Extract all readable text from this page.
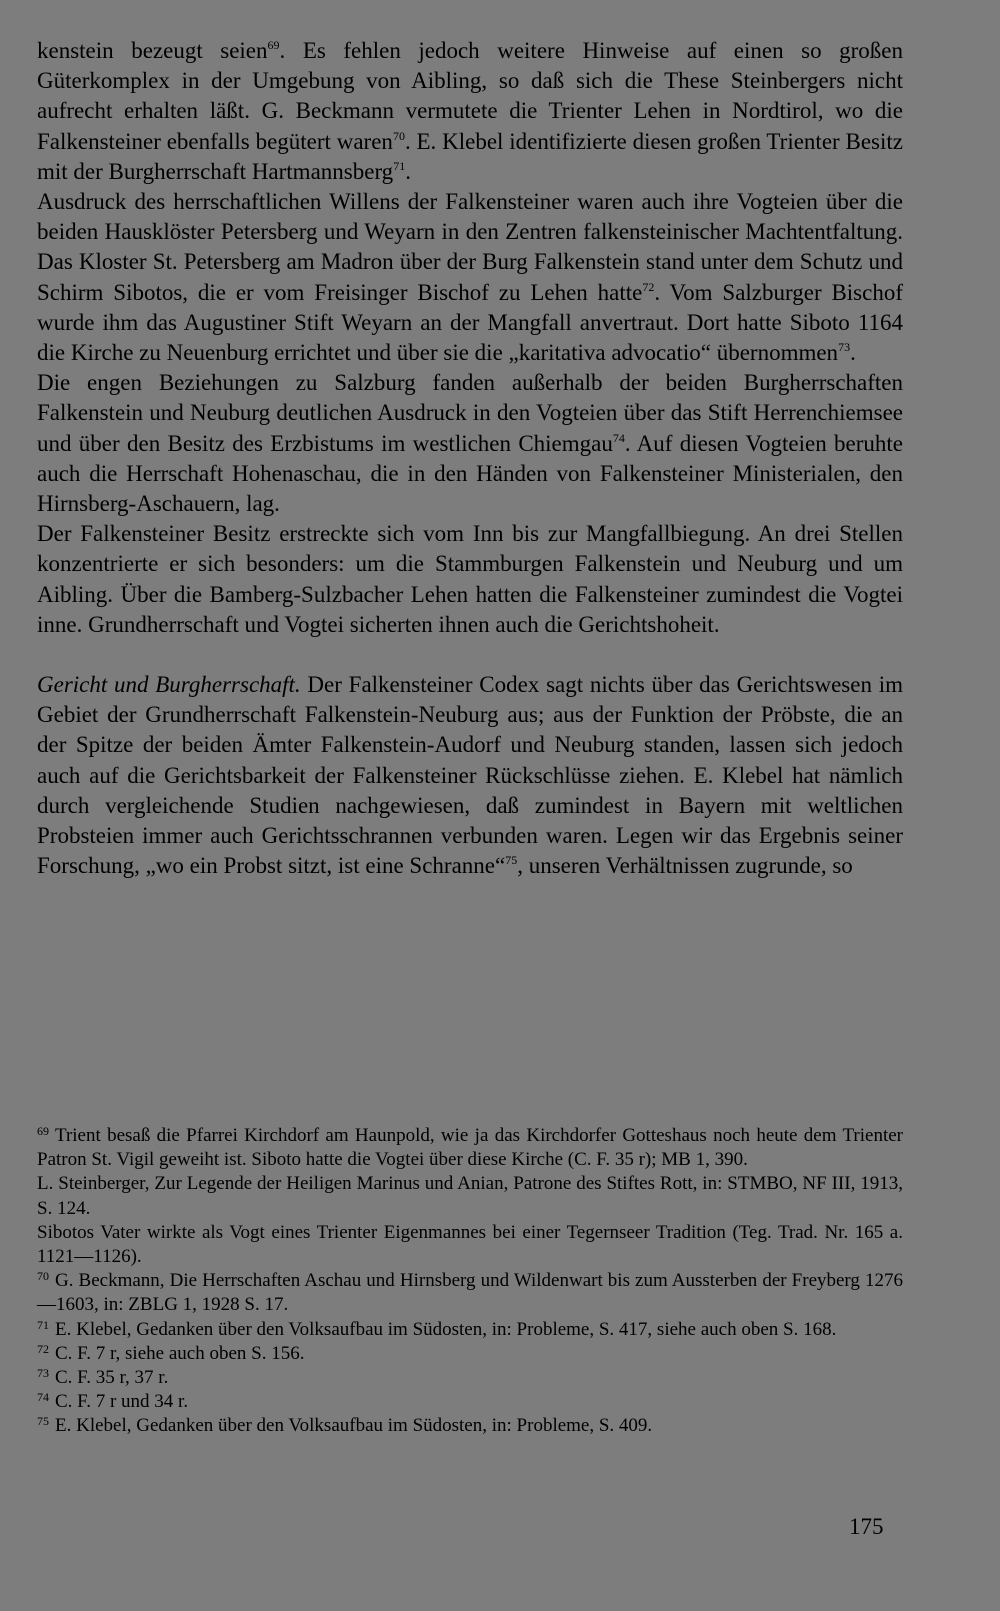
kenstein bezeugt seien$^{69}$. Es fehlen jedoch weitere Hinweise auf einen so großen Güterkomplex in der Umgebung von Aibling, so daß sich die These Steinbergers nicht aufrecht erhalten läßt. G. Beckmann vermutete die Trienter Lehen in Nordtirol, wo die Falkensteiner ebenfalls begütert waren$^{70}$. E. Klebel identifizierte diesen großen Trienter Besitz mit der Burgherrschaft Hartmannsberg$^{71}$.

Ausdruck des herrschaftlichen Willens der Falkensteiner waren auch ihre Vogteien über die beiden Hausklöster Petersberg und Weyarn in den Zentren falkensteinischer Machtentfaltung. Das Kloster St. Petersberg am Madron über der Burg Falkenstein stand unter dem Schutz und Schirm Sibotos, die er vom Freisinger Bischof zu Lehen hatte$^{72}$. Vom Salzburger Bischof wurde ihm das Augustiner Stift Weyarn an der Mangfall anvertraut. Dort hatte Siboto 1164 die Kirche zu Neuenburg errichtet und über sie die „karitativa advocatio“ übernommen$^{73}$.

Die engen Beziehungen zu Salzburg fanden außerhalb der beiden Burgherrschaften Falkenstein und Neuburg deutlichen Ausdruck in den Vogteien über das Stift Herrenchiemsee und über den Besitz des Erzbistums im westlichen Chiemgau$^{74}$. Auf diesen Vogteien beruhte auch die Herrschaft Hohenaschau, die in den Händen von Falkensteiner Ministerialen, den Hirnsberg-Aschauern, lag.

Der Falkensteiner Besitz erstreckte sich vom Inn bis zur Mangfallbiegung. An drei Stellen konzentrierte er sich besonders: um die Stammburgen Falkenstein und Neuburg und um Aibling. Über die Bamberg-Sulzbacher Lehen hatten die Falkensteiner zumindest die Vogtei inne. Grundherrschaft und Vogtei sicherten ihnen auch die Gerichtshoheit.

Gericht und Burgherrschaft. Der Falkensteiner Codex sagt nichts über das Gerichtswesen im Gebiet der Grundherrschaft Falkenstein-Neuburg aus; aus der Funktion der Pröbste, die an der Spitze der beiden Ämter Falkenstein-Audorf und Neuburg standen, lassen sich jedoch auch auf die Gerichtsbarkeit der Falkensteiner Rückschlüsse ziehen. E. Klebel hat nämlich durch vergleichende Studien nachgewiesen, daß zumindest in Bayern mit weltlichen Probsteien immer auch Gerichtsschrannen verbunden waren. Legen wir das Ergebnis seiner Forschung, „wo ein Probst sitzt, ist eine Schranne“$^{75}$, unseren Verhältnissen zugrunde, so

$^{69}$ Trient besaß die Pfarrei Kirchdorf am Haunpold, wie ja das Kirchdorfer Gotteshaus noch heute dem Trienter Patron St. Vigil geweiht ist. Siboto hatte die Vogtei über diese Kirche (C. F. 35 r); MB 1, 390.

L. Steinberger, Zur Legende der Heiligen Marinus und Anian, Patrone des Stiftes Rott, in: STMBO, NF III, 1913, S. 124.

Sibotos Vater wirkte als Vogt eines Trienter Eigenmannes bei einer Tegernseer Tradition (Teg. Trad. Nr. 165 a. 1121—1126).

$^{70}$ G. Beckmann, Die Herrschaften Aschau und Hirnsberg und Wildenwart bis zum Aussterben der Freyberg 1276—1603, in: ZBLG 1, 1928 S. 17.

$^{71}$ E. Klebel, Gedanken über den Volksaufbau im Südosten, in: Probleme, S. 417, siehe auch oben S. 168.

$^{72}$ C. F. 7 r, siehe auch oben S. 156.

$^{73}$ C. F. 35 r, 37 r.

$^{74}$ C. F. 7 r und 34 r.

$^{75}$ E. Klebel, Gedanken über den Volksaufbau im Südosten, in: Probleme, S. 409.

175
